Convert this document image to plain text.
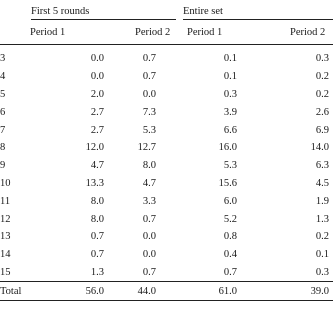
	First 5 rounds		Entire set	

	Period 1	Period 2	Period 1	Period 2
3	0.0	0.7	0.1	0.3
4	0.0	0.7	0.1	0.2
5	2.0	0.0	0.3	0.2
6	2.7	7.3	3.9	2.6
7	2.7	5.3	6.6	6.9
8	12.0	12.7	16.0	14.0
9	4.7	8.0	5.3	6.3
10	13.3	4.7	15.6	4.5
11	8.0	3.3	6.0	1.9
12	8.0	0.7	5.2	1.3
13	0.7	0.0	0.8	0.2
14	0.7	0.0	0.4	0.1
15	1.3	0.7	0.7	0.3
Total	56.0	44.0	61.0	39.0
